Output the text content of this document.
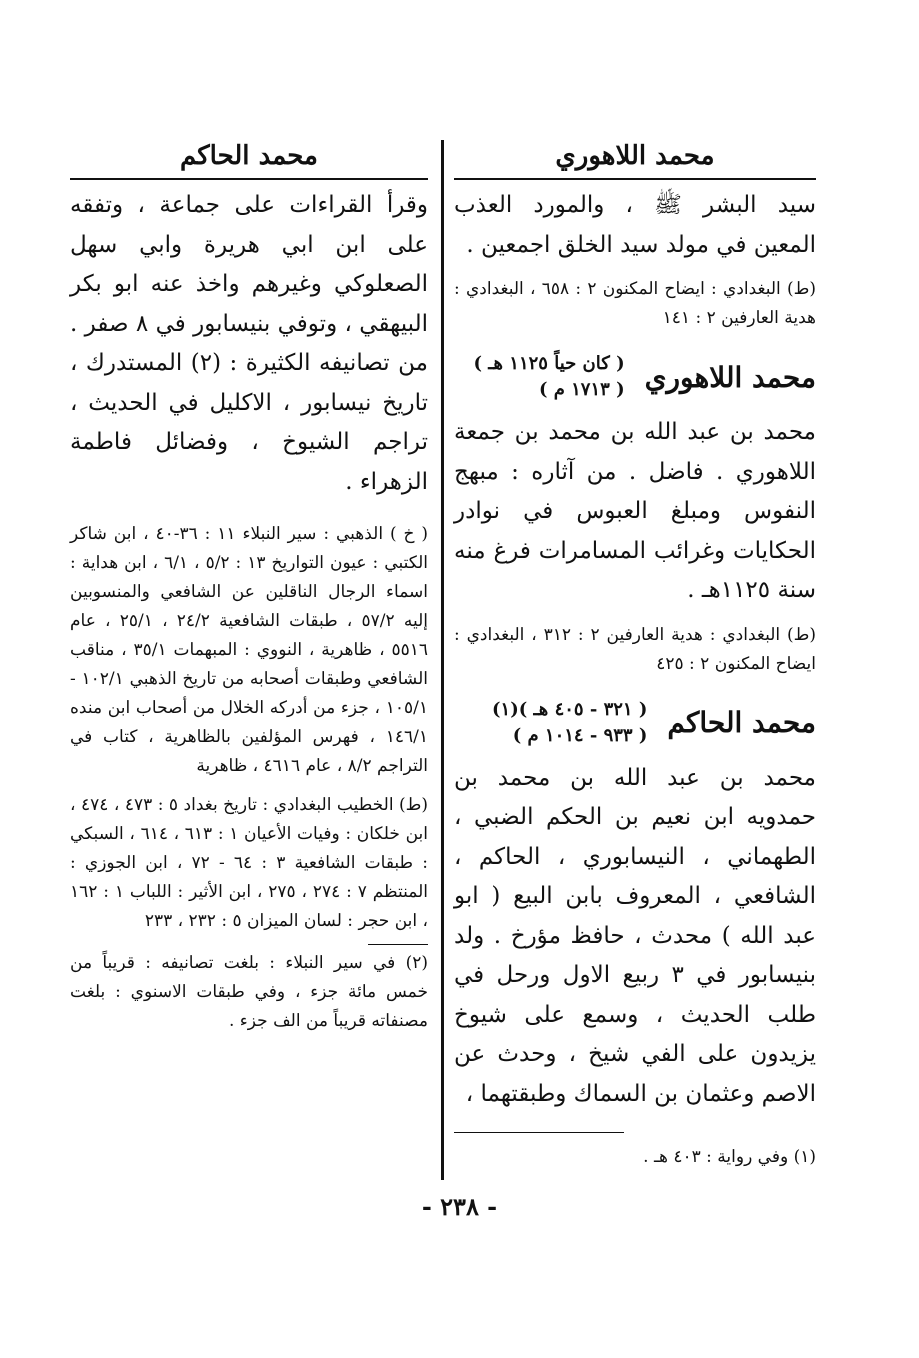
محمد اللاهوري

سيد البشر ﷺ ، والمورد العذب المعين في مولد سيد الخلق اجمعين .

(ط) البغدادي : ايضاح المكنون ٢ : ٦٥٨ ، البغدادي : هدية العارفين ٢ : ١٤١

محمد اللاهوري
( كان حياً ١١٢٥ هـ )
( ١٧١٣ م )

محمد بن عبد الله بن محمد بن جمعة اللاهوري . فاضل . من آثاره : مبهج النفوس ومبلغ العبوس في نوادر الحكايات وغرائب المسامرات فرغ منه سنة ١١٢٥هـ .

(ط) البغدادي : هدية العارفين ٢ : ٣١٢ ، البغدادي : ايضاح المكنون ٢ : ٤٢٥

محمد الحاكم
( ٣٢١ - ٤٠٥ هـ )(١)
( ٩٣٣ - ١٠١٤ م )

محمد بن عبد الله بن محمد بن حمدويه ابن نعيم بن الحكم الضبي ، الطهماني ، النيسابوري ، الحاكم ، الشافعي ، المعروف بابن البيع ( ابو عبد الله ) محدث ، حافظ مؤرخ . ولد بنيسابور في ٣ ربيع الاول ورحل في طلب الحديث ، وسمع على شيوخ يزيدون على الفي شيخ ، وحدث عن الاصم وعثمان بن السماك وطبقتهما ،

(١) وفي رواية : ٤٠٣ هـ .

محمد الحاكم

وقرأ القراءات على جماعة ، وتفقه على ابن ابي هريرة وابي سهل الصعلوكي وغيرهم واخذ عنه ابو بكر البيهقي ، وتوفي بنيسابور في ٨ صفر . من تصانيفه الكثيرة : (٢) المستدرك ، تاريخ نيسابور ، الاكليل في الحديث ، تراجم الشيوخ ، وفضائل فاطمة الزهراء .

( خ ) الذهبي : سير النبلاء ١١ : ٣٦-٤٠ ، ابن شاكر الكتبي : عيون التواريخ ١٣ : ٥/٢ ، ٦/١ ، ابن هداية : اسماء الرجال الناقلين عن الشافعي والمنسوبين إليه ٥٧/٢ ، طبقات الشافعية ٢٤/٢ ، ٢٥/١ ، عام ٥٥١٦ ، ظاهرية ، النووي : المبهمات ٣٥/١ ، مناقب الشافعي وطبقات أصحابه من تاريخ الذهبي ١٠٢/١ - ١٠٥/١ ، جزء من أدركه الخلال من أصحاب ابن منده ١٤٦/١ ، فهرس المؤلفين بالظاهرية ، كتاب في التراجم ٨/٢ ، عام ٤٦١٦ ، ظاهرية

(ط) الخطيب البغدادي : تاريخ بغداد ٥ : ٤٧٣ ، ٤٧٤ ، ابن خلكان : وفيات الأعيان ١ : ٦١٣ ، ٦١٤ ، السبكي : طبقات الشافعية ٣ : ٦٤ - ٧٢ ، ابن الجوزي : المنتظم ٧ : ٢٧٤ ، ٢٧٥ ، ابن الأثير : اللباب ١ : ١٦٢ ، ابن حجر : لسان الميزان ٥ : ٢٣٢ ، ٢٣٣

(٢) في سير النبلاء : بلغت تصانيفه : قريباً من خمس مائة جزء ، وفي طبقات الاسنوي : بلغت مصنفاته قريباً من الف جزء .

- ٢٣٨ -
